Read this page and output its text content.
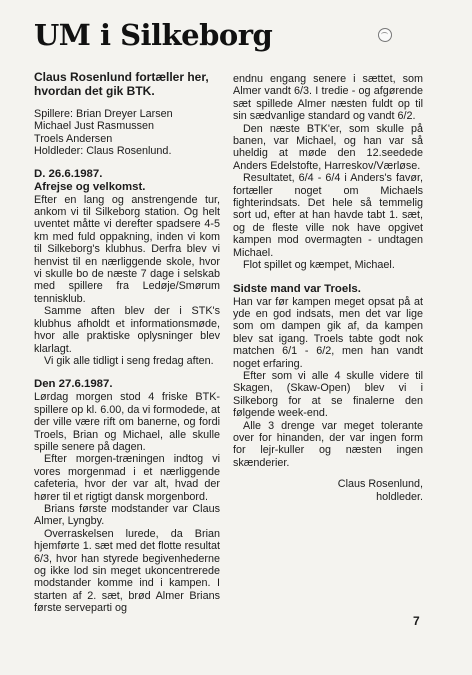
UM i Silkeborg

Claus Rosenlund fortæller her, hvordan det gik BTK.

Spillere: Brian Dreyer Larsen

Michael Just Rasmussen

Troels Andersen

Holdleder: Claus Rosenlund.

D. 26.6.1987.

Afrejse og velkomst.

Efter en lang og anstrengende tur, ankom vi til Silkeborg station. Og helt uventet måtte vi derefter spadsere 4-5 km med fuld oppakning, inden vi kom til Silkeborg's klubhus. Derfra blev vi henvist til en nærliggende skole, hvor vi skulle bo de næste 7 dage i selskab med spillere fra Ledøje/Smørum tennisklub.

Samme aften blev der i STK's klubhus afholdt et informationsmøde, hvor alle praktiske oplysninger blev klarlagt.

Vi gik alle tidligt i seng fredag aften.

Den 27.6.1987.

Lørdag morgen stod 4 friske BTK-spillere op kl. 6.00, da vi formodede, at der ville være rift om banerne, og fordi Troels, Brian og Michael, alle skulle spille senere på dagen.

Efter morgen-træningen indtog vi vores morgenmad i et nærliggende cafeteria, hvor der var alt, hvad der hører til et rigtigt dansk morgenbord.

Brians første modstander var Claus Almer, Lyngby.

Overraskelsen lurede, da Brian hjemførte 1. sæt med det flotte resultat 6/3, hvor han styrede begivenhederne og ikke lod sin meget ukoncentrerede modstander komme ind i kampen. I starten af 2. sæt, brød Almer Brians første serveparti og

endnu engang senere i sættet, som Almer vandt 6/3. I tredie - og afgørende sæt spillede Almer næsten fuldt op til sin sædvanlige standard og vandt 6/2.

Den næste BTK'er, som skulle på banen, var Michael, og han var så uheldig at møde den 12.seedede Anders Edelstofte, Harreskov/Værløse.

Resultatet, 6/4 - 6/4 i Anders's favør, fortæller noget om Michaels fighterindsats. Det hele så temmelig sort ud, efter at han havde tabt 1. sæt, og de fleste ville nok have opgivet kampen mod overmagten - undtagen Michael.

Flot spillet og kæmpet, Michael.

Sidste mand var Troels.

Han var før kampen meget opsat på at yde en god indsats, men det var lige som om dampen gik af, da kampen blev sat igang. Troels tabte godt nok matchen 6/1 - 6/2, men han vandt noget erfaring.

Efter som vi alle 4 skulle videre til Skagen, (Skaw-Open) blev vi i Silkeborg for at se finalerne den følgende week-end.

Alle 3 drenge var meget tolerante over for hinanden, der var ingen form for lejr-kuller og næsten ingen skænderier.

Claus Rosenlund,

holdleder.

7
